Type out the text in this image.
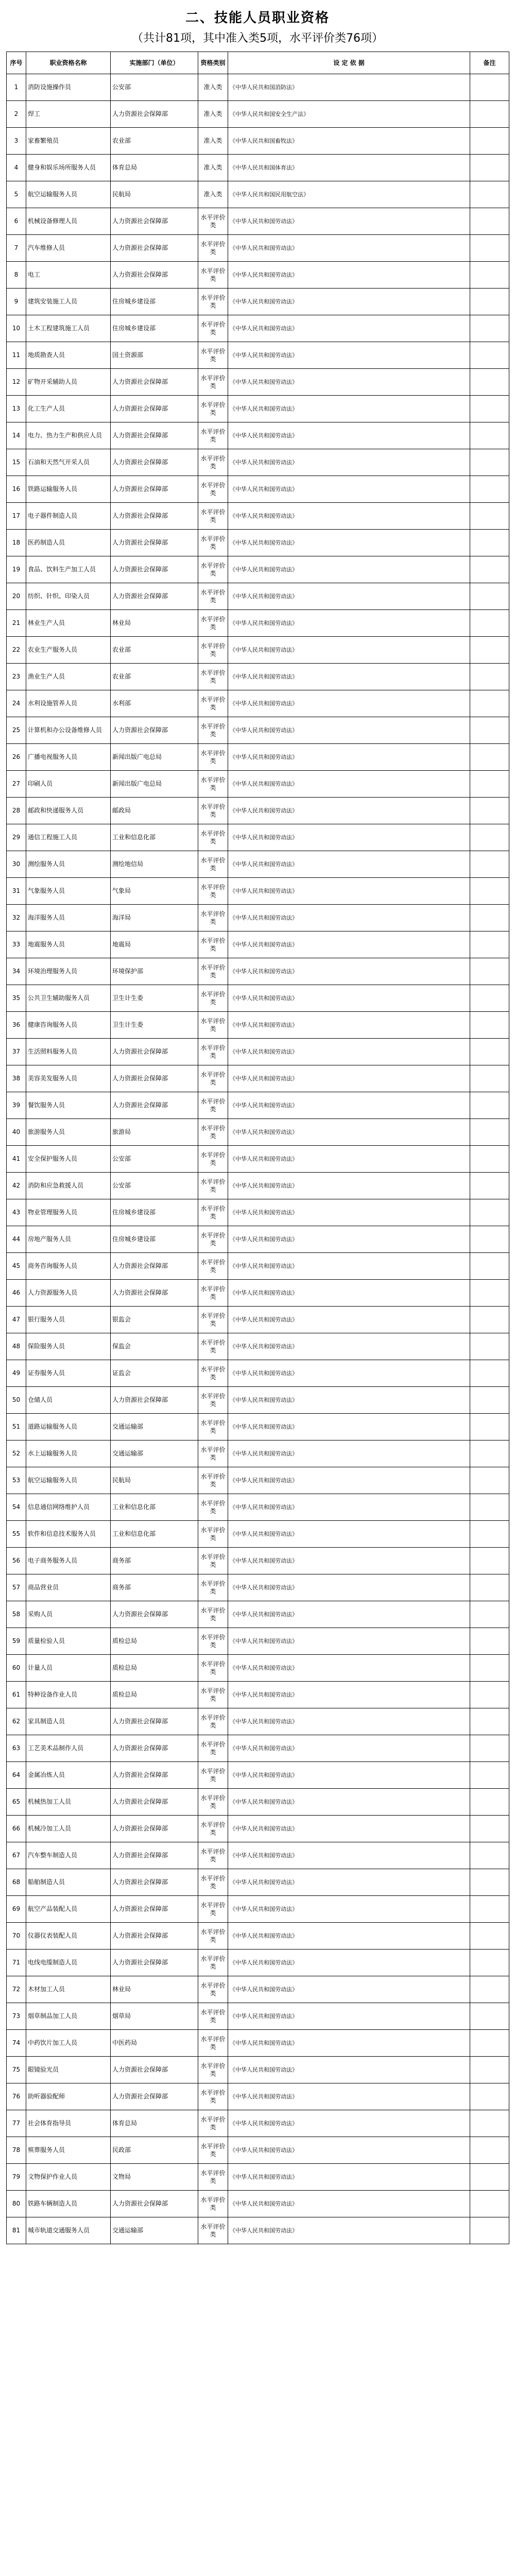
二、技能人员职业资格
（共计81项，其中准入类5项，水平评价类76项）
序号	职业资格名称	实施部门（单位）	资格类别	设 定 依 据	备注
1	消防设施操作员	公安部	准入类	《中华人民共和国消防法》	
2	焊工	人力资源社会保障部	准入类	《中华人民共和国安全生产法》	
3	家畜繁殖员	农业部	准入类	《中华人民共和国畜牧法》	
4	健身和娱乐场所服务人员	体育总局	准入类	《中华人民共和国体育法》	
5	航空运输服务人员	民航局	准入类	《中华人民共和国民用航空法》	
6	机械设备修理人员	人力资源社会保障部	水平评价类	《中华人民共和国劳动法》	
7	汽车维修人员	人力资源社会保障部	水平评价类	《中华人民共和国劳动法》	
8	电工	人力资源社会保障部	水平评价类	《中华人民共和国劳动法》	
9	建筑安装施工人员	住房城乡建设部	水平评价类	《中华人民共和国劳动法》	
10	土木工程建筑施工人员	住房城乡建设部	水平评价类	《中华人民共和国劳动法》	
11	地质勘查人员	国土资源部	水平评价类	《中华人民共和国劳动法》	
12	矿物开采辅助人员	人力资源社会保障部	水平评价类	《中华人民共和国劳动法》	
13	化工生产人员	人力资源社会保障部	水平评价类	《中华人民共和国劳动法》	
14	电力、热力生产和供应人员	人力资源社会保障部	水平评价类	《中华人民共和国劳动法》	
15	石油和天然气开采人员	人力资源社会保障部	水平评价类	《中华人民共和国劳动法》	
16	铁路运输服务人员	人力资源社会保障部	水平评价类	《中华人民共和国劳动法》	
17	电子器件制造人员	人力资源社会保障部	水平评价类	《中华人民共和国劳动法》	
18	医药制造人员	人力资源社会保障部	水平评价类	《中华人民共和国劳动法》	
19	食品、饮料生产加工人员	人力资源社会保障部	水平评价类	《中华人民共和国劳动法》	
20	纺织、针织、印染人员	人力资源社会保障部	水平评价类	《中华人民共和国劳动法》	
21	林业生产人员	林业局	水平评价类	《中华人民共和国劳动法》	
22	农业生产服务人员	农业部	水平评价类	《中华人民共和国劳动法》	
23	渔业生产人员	农业部	水平评价类	《中华人民共和国劳动法》	
24	水利设施管养人员	水利部	水平评价类	《中华人民共和国劳动法》	
25	计算机和办公设备维修人员	人力资源社会保障部	水平评价类	《中华人民共和国劳动法》	
26	广播电视服务人员	新闻出版广电总局	水平评价类	《中华人民共和国劳动法》	
27	印刷人员	新闻出版广电总局	水平评价类	《中华人民共和国劳动法》	
28	邮政和快递服务人员	邮政局	水平评价类	《中华人民共和国劳动法》	
29	通信工程施工人员	工业和信息化部	水平评价类	《中华人民共和国劳动法》	
30	测绘服务人员	测绘地信局	水平评价类	《中华人民共和国劳动法》	
31	气象服务人员	气象局	水平评价类	《中华人民共和国劳动法》	
32	海洋服务人员	海洋局	水平评价类	《中华人民共和国劳动法》	
33	地震服务人员	地震局	水平评价类	《中华人民共和国劳动法》	
34	环境治理服务人员	环境保护部	水平评价类	《中华人民共和国劳动法》	
35	公共卫生辅助服务人员	卫生计生委	水平评价类	《中华人民共和国劳动法》	
36	健康咨询服务人员	卫生计生委	水平评价类	《中华人民共和国劳动法》	
37	生活照料服务人员	人力资源社会保障部	水平评价类	《中华人民共和国劳动法》	
38	美容美发服务人员	人力资源社会保障部	水平评价类	《中华人民共和国劳动法》	
39	餐饮服务人员	人力资源社会保障部	水平评价类	《中华人民共和国劳动法》	
40	旅游服务人员	旅游局	水平评价类	《中华人民共和国劳动法》	
41	安全保护服务人员	公安部	水平评价类	《中华人民共和国劳动法》	
42	消防和应急救援人员	公安部	水平评价类	《中华人民共和国劳动法》	
43	物业管理服务人员	住房城乡建设部	水平评价类	《中华人民共和国劳动法》	
44	房地产服务人员	住房城乡建设部	水平评价类	《中华人民共和国劳动法》	
45	商务咨询服务人员	人力资源社会保障部	水平评价类	《中华人民共和国劳动法》	
46	人力资源服务人员	人力资源社会保障部	水平评价类	《中华人民共和国劳动法》	
47	银行服务人员	银监会	水平评价类	《中华人民共和国劳动法》	
48	保险服务人员	保监会	水平评价类	《中华人民共和国劳动法》	
49	证券服务人员	证监会	水平评价类	《中华人民共和国劳动法》	
50	仓储人员	人力资源社会保障部	水平评价类	《中华人民共和国劳动法》	
51	道路运输服务人员	交通运输部	水平评价类	《中华人民共和国劳动法》	
52	水上运输服务人员	交通运输部	水平评价类	《中华人民共和国劳动法》	
53	航空运输服务人员	民航局	水平评价类	《中华人民共和国劳动法》	
54	信息通信网络维护人员	工业和信息化部	水平评价类	《中华人民共和国劳动法》	
55	软件和信息技术服务人员	工业和信息化部	水平评价类	《中华人民共和国劳动法》	
56	电子商务服务人员	商务部	水平评价类	《中华人民共和国劳动法》	
57	商品营业员	商务部	水平评价类	《中华人民共和国劳动法》	
58	采购人员	人力资源社会保障部	水平评价类	《中华人民共和国劳动法》	
59	质量检验人员	质检总局	水平评价类	《中华人民共和国劳动法》	
60	计量人员	质检总局	水平评价类	《中华人民共和国劳动法》	
61	特种设备作业人员	质检总局	水平评价类	《中华人民共和国劳动法》	
62	家具制造人员	人力资源社会保障部	水平评价类	《中华人民共和国劳动法》	
63	工艺美术品制作人员	人力资源社会保障部	水平评价类	《中华人民共和国劳动法》	
64	金属冶炼人员	人力资源社会保障部	水平评价类	《中华人民共和国劳动法》	
65	机械热加工人员	人力资源社会保障部	水平评价类	《中华人民共和国劳动法》	
66	机械冷加工人员	人力资源社会保障部	水平评价类	《中华人民共和国劳动法》	
67	汽车整车制造人员	人力资源社会保障部	水平评价类	《中华人民共和国劳动法》	
68	船舶制造人员	人力资源社会保障部	水平评价类	《中华人民共和国劳动法》	
69	航空产品装配人员	人力资源社会保障部	水平评价类	《中华人民共和国劳动法》	
70	仪器仪表装配人员	人力资源社会保障部	水平评价类	《中华人民共和国劳动法》	
71	电线电缆制造人员	人力资源社会保障部	水平评价类	《中华人民共和国劳动法》	
72	木材加工人员	林业局	水平评价类	《中华人民共和国劳动法》	
73	烟草制品加工人员	烟草局	水平评价类	《中华人民共和国劳动法》	
74	中药饮片加工人员	中医药局	水平评价类	《中华人民共和国劳动法》	
75	眼镜验光员	人力资源社会保障部	水平评价类	《中华人民共和国劳动法》	
76	助听器验配师	人力资源社会保障部	水平评价类	《中华人民共和国劳动法》	
77	社会体育指导员	体育总局	水平评价类	《中华人民共和国劳动法》	
78	殡葬服务人员	民政部	水平评价类	《中华人民共和国劳动法》	
79	文物保护作业人员	文物局	水平评价类	《中华人民共和国劳动法》	
80	铁路车辆制造人员	人力资源社会保障部	水平评价类	《中华人民共和国劳动法》	
81	城市轨道交通服务人员	交通运输部	水平评价类	《中华人民共和国劳动法》	
